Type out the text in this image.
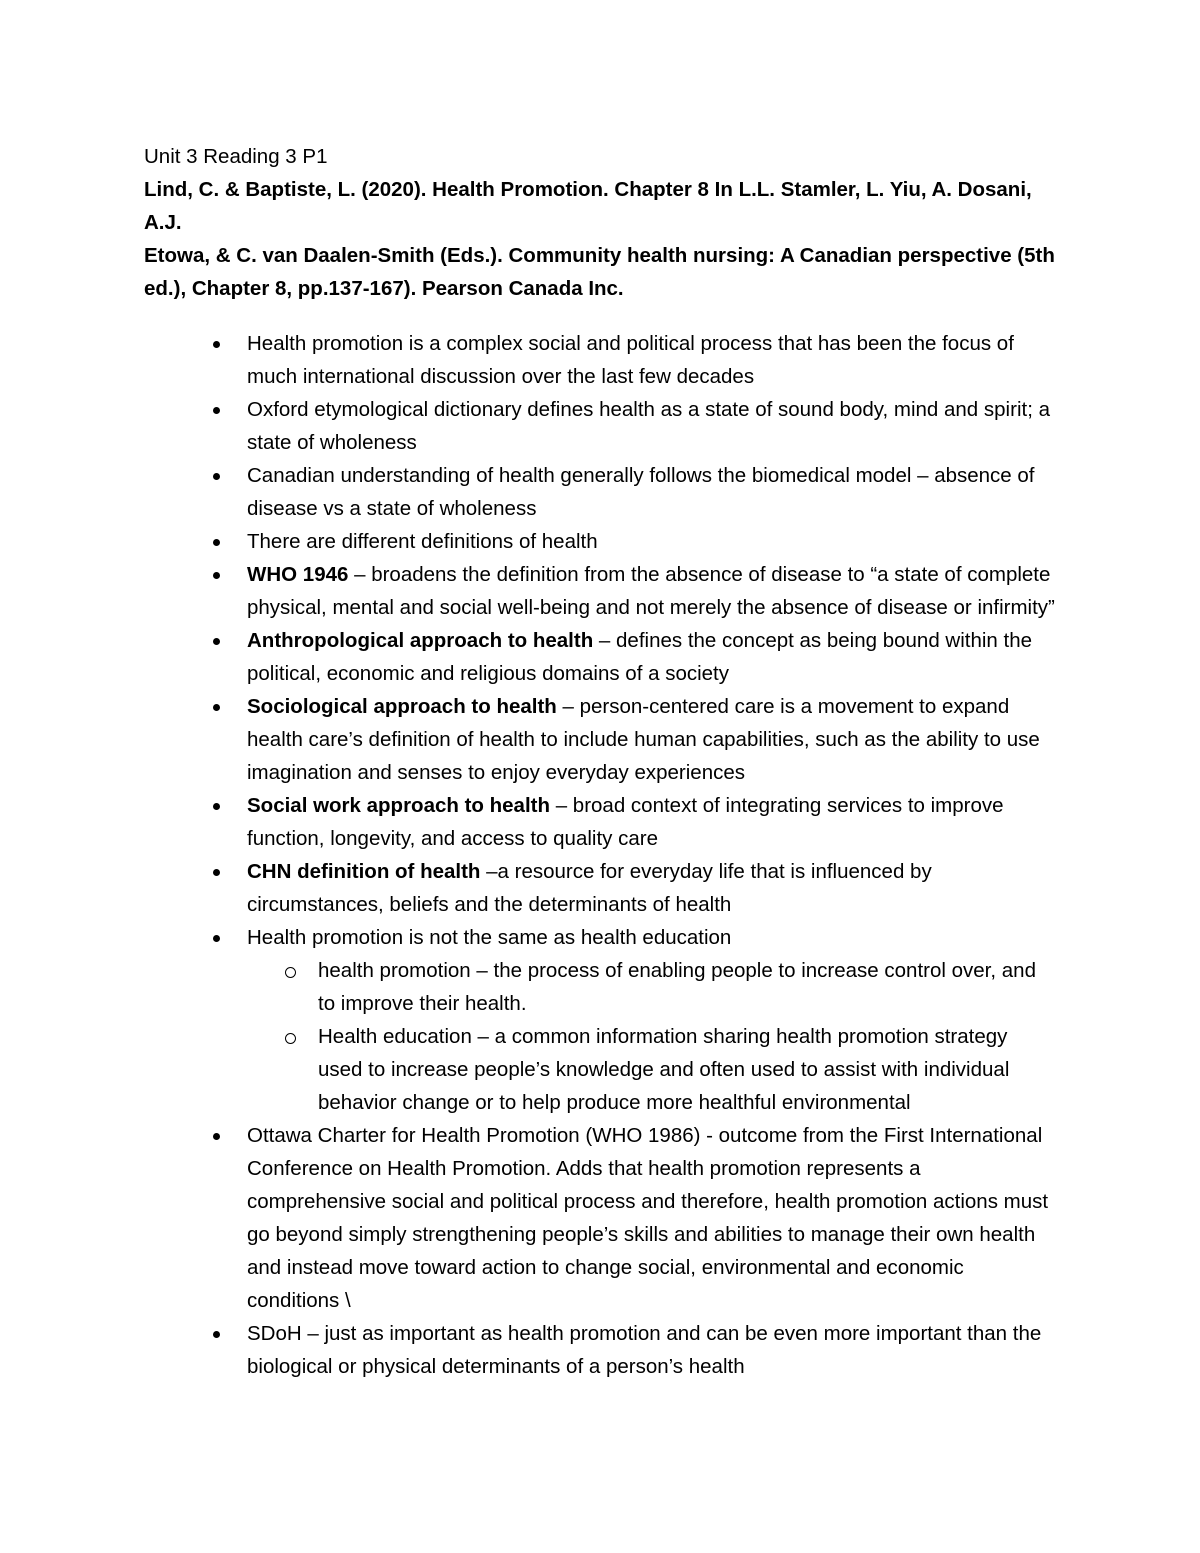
Unit 3 Reading 3 P1

Lind, C. & Baptiste, L. (2020). Health Promotion. Chapter 8 In L.L. Stamler, L. Yiu, A. Dosani, A.J.

Etowa, & C. van Daalen-Smith (Eds.). Community health nursing: A Canadian perspective (5th ed.), Chapter 8, pp.137-167). Pearson Canada Inc.

Health promotion is a complex social and political process that has been the focus of much international discussion over the last few decades
Oxford etymological dictionary defines health as a state of sound body, mind and spirit; a state of wholeness
Canadian understanding of health generally follows the biomedical model – absence of disease vs a state of wholeness
There are different definitions of health
WHO 1946 – broadens the definition from the absence of disease to “a state of complete physical, mental and social well-being and not merely the absence of disease or infirmity”
Anthropological approach to health – defines the concept as being bound within the political, economic and religious domains of a society
Sociological approach to health – person-centered care is a movement to expand health care’s definition of health to include human capabilities, such as the ability to use imagination and senses to enjoy everyday experiences
Social work approach to health – broad context of integrating services to improve function, longevity, and access to quality care
CHN definition of health –a resource for everyday life that is influenced by circumstances, beliefs and the determinants of health
Health promotion is not the same as health education
health promotion – the process of enabling people to increase control over, and to improve their health.
Health education – a common information sharing health promotion strategy used to increase people’s knowledge and often used to assist with individual behavior change or to help produce more healthful environmental
Ottawa Charter for Health Promotion (WHO 1986) - outcome from the First International Conference on Health Promotion. Adds that health promotion represents a comprehensive social and political process and therefore, health promotion actions must go beyond simply strengthening people’s skills and abilities to manage their own health and instead move toward action to change social, environmental and economic conditions \
SDoH – just as important as health promotion and can be even more important than the biological or physical determinants of a person’s health
